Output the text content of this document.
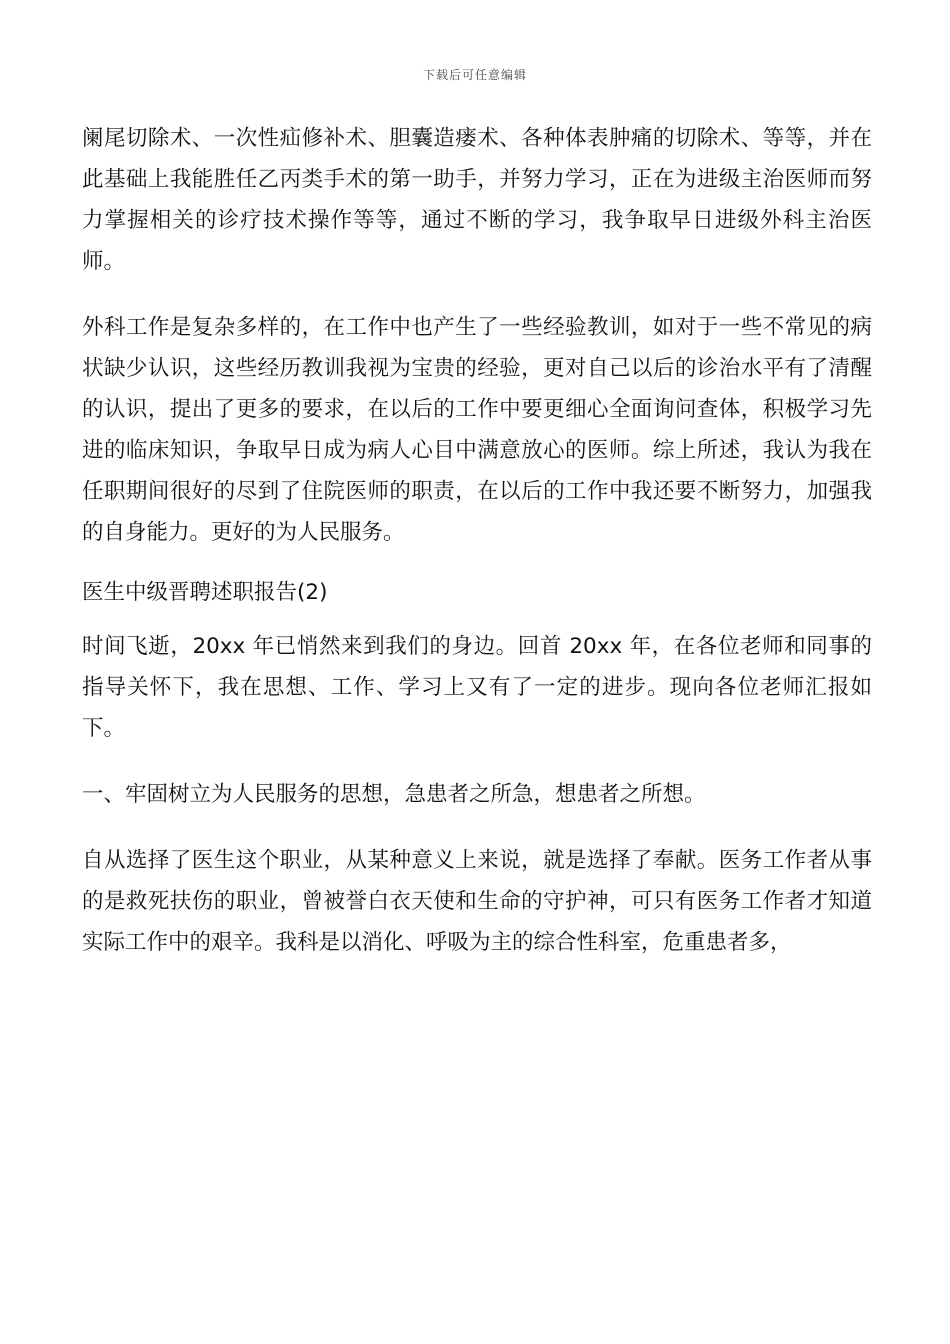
下载后可任意编辑

阑尾切除术、一次性疝修补术、胆囊造瘘术、各种体表肿痛的切除术、等等，并在此基础上我能胜任乙丙类手术的第一助手，并努力学习，正在为进级主治医师而努力掌握相关的诊疗技术操作等等，通过不断的学习，我争取早日进级外科主治医师。

外科工作是复杂多样的，在工作中也产生了一些经验教训，如对于一些不常见的病状缺少认识，这些经历教训我视为宝贵的经验，更对自己以后的诊治水平有了清醒的认识，提出了更多的要求，在以后的工作中要更细心全面询问查体，积极学习先进的临床知识，争取早日成为病人心目中满意放心的医师。综上所述，我认为我在任职期间很好的尽到了住院医师的职责，在以后的工作中我还要不断努力，加强我的自身能力。更好的为人民服务。

医生中级晋聘述职报告(2)

时间飞逝，20xx 年已悄然来到我们的身边。回首 20xx 年，在各位老师和同事的指导关怀下，我在思想、工作、学习上又有了一定的进步。现向各位老师汇报如下。

一、牢固树立为人民服务的思想，急患者之所急，想患者之所想。

自从选择了医生这个职业，从某种意义上来说，就是选择了奉献。医务工作者从事的是救死扶伤的职业，曾被誉白衣天使和生命的守护神，可只有医务工作者才知道实际工作中的艰辛。我科是以消化、呼吸为主的综合性科室，危重患者多，
